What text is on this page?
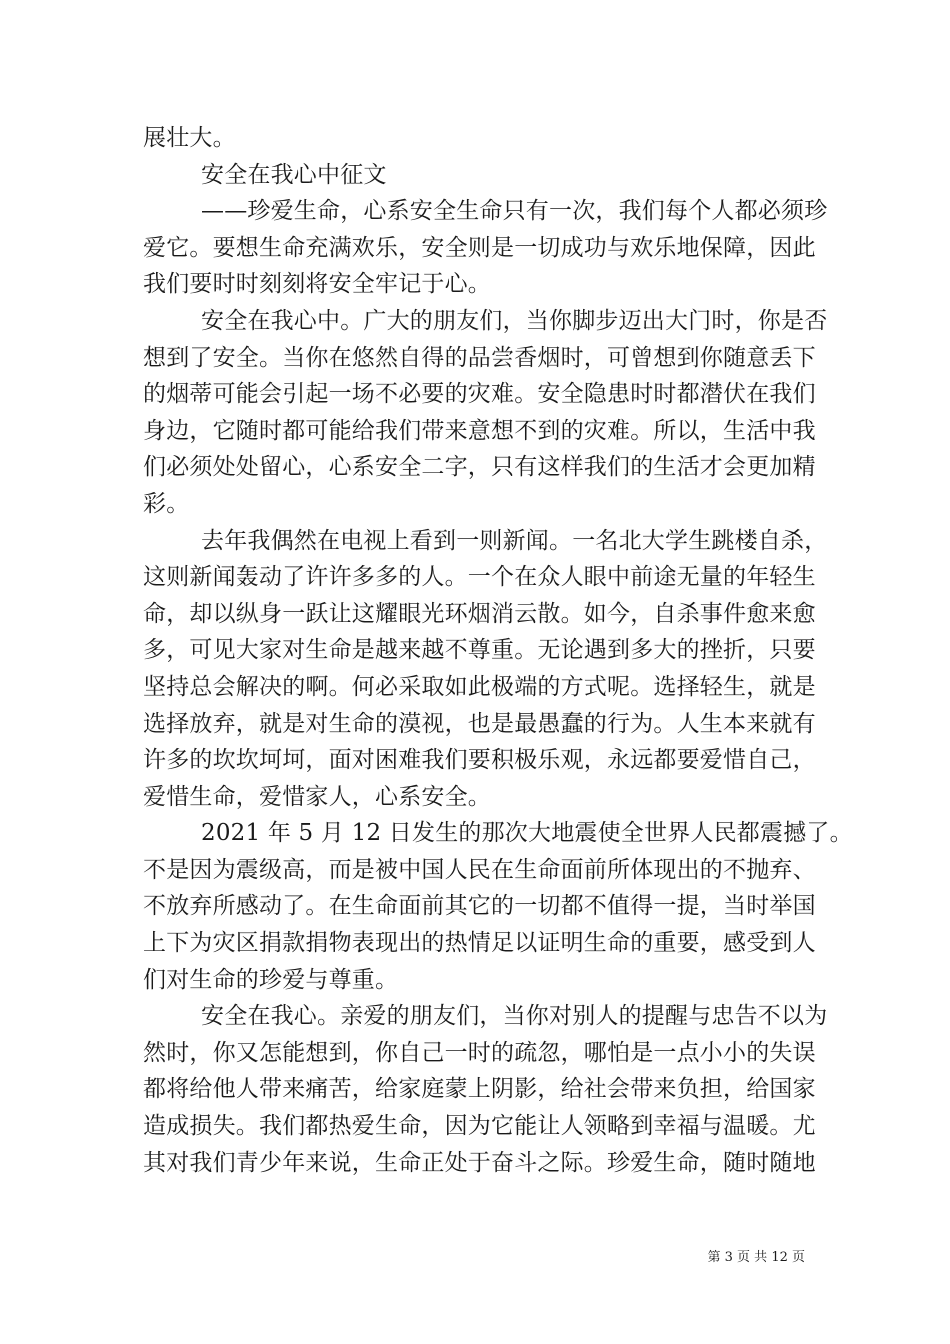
展壮大。
安全在我心中征文
——珍爱生命，心系安全生命只有一次，我们每个人都必须珍
爱它。要想生命充满欢乐，安全则是一切成功与欢乐地保障，因此
我们要时时刻刻将安全牢记于心。
安全在我心中。广大的朋友们，当你脚步迈出大门时，你是否
想到了安全。当你在悠然自得的品尝香烟时，可曾想到你随意丢下
的烟蒂可能会引起一场不必要的灾难。安全隐患时时都潜伏在我们
身边，它随时都可能给我们带来意想不到的灾难。所以，生活中我
们必须处处留心，心系安全二字，只有这样我们的生活才会更加精
彩。
去年我偶然在电视上看到一则新闻。一名北大学生跳楼自杀，
这则新闻轰动了许许多多的人。一个在众人眼中前途无量的年轻生
命，却以纵身一跃让这耀眼光环烟消云散。如今，自杀事件愈来愈
多，可见大家对生命是越来越不尊重。无论遇到多大的挫折，只要
坚持总会解决的啊。何必采取如此极端的方式呢。选择轻生，就是
选择放弃，就是对生命的漠视，也是最愚蠢的行为。人生本来就有
许多的坎坎坷坷，面对困难我们要积极乐观，永远都要爱惜自己，
爱惜生命，爱惜家人，心系安全。
2021 年 5 月 12 日发生的那次大地震使全世界人民都震撼了。
不是因为震级高，而是被中国人民在生命面前所体现出的不抛弃、
不放弃所感动了。在生命面前其它的一切都不值得一提，当时举国
上下为灾区捐款捐物表现出的热情足以证明生命的重要，感受到人
们对生命的珍爱与尊重。
安全在我心。亲爱的朋友们，当你对别人的提醒与忠告不以为
然时，你又怎能想到，你自己一时的疏忽，哪怕是一点小小的失误
都将给他人带来痛苦，给家庭蒙上阴影，给社会带来负担，给国家
造成损失。我们都热爱生命，因为它能让人领略到幸福与温暖。尤
其对我们青少年来说，生命正处于奋斗之际。珍爱生命，随时随地
第 3 页 共 12 页
